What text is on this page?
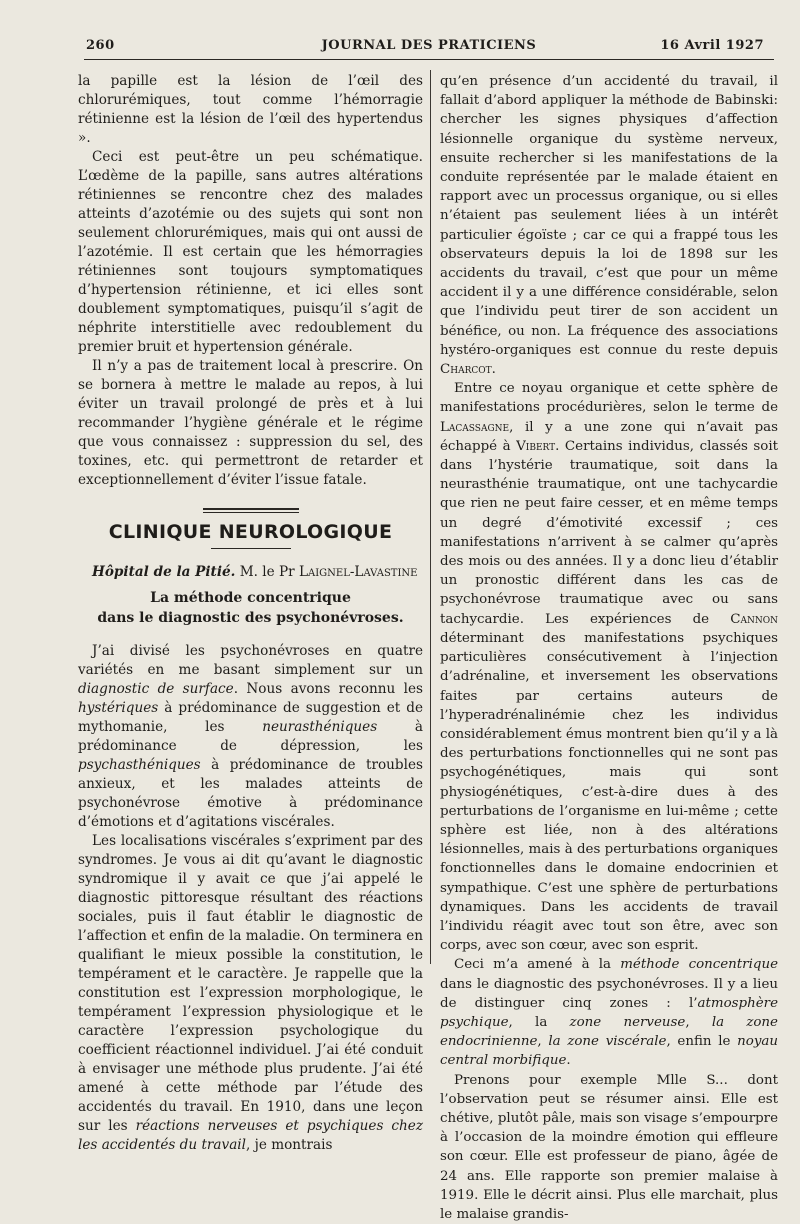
260	JOURNAL DES PRATICIENS	16 Avril 1927

la papille est la lésion de l’œil des chlorurémiques, tout comme l’hémorragie rétinienne est la lésion de l’œil des hypertendus ».

Ceci est peut-être un peu schématique. L’œdème de la papille, sans autres altérations rétiniennes se rencontre chez des malades atteints d’azotémie ou des sujets qui sont non seulement chlorurémiques, mais qui ont aussi de l’azotémie. Il est certain que les hémorragies rétiniennes sont toujours symptomatiques d’hypertension rétinienne, et ici elles sont doublement symptomatiques, puisqu’il s’agit de néphrite interstitielle avec redoublement du premier bruit et hypertension générale.

Il n’y a pas de traitement local à prescrire. On se bornera à mettre le malade au repos, à lui éviter un travail prolongé de près et à lui recommander l’hygiène générale et le régime que vous connaissez : suppression du sel, des toxines, etc. qui permettront de retarder et exceptionnellement d’éviter l’issue fatale.

CLINIQUE NEUROLOGIQUE

Hôpital de la Pitié. M. le Pr Laignel-Lavastine

La méthode concentrique
dans le diagnostic des psychonévroses.

J’ai divisé les psychonévroses en quatre variétés en me basant simplement sur un diagnostic de surface. Nous avons reconnu les hystériques à prédominance de suggestion et de mythomanie, les neurasthéniques à prédominance de dépression, les psychasthéniques à prédominance de troubles anxieux, et les malades atteints de psychonévrose émotive à prédominance d’émotions et d’agitations viscérales.

Les localisations viscérales s’expriment par des syndromes. Je vous ai dit qu’avant le diagnostic syndromique il y avait ce que j’ai appelé le diagnostic pittoresque résultant des réactions sociales, puis il faut établir le diagnostic de l’affection et enfin de la maladie. On terminera en qualifiant le mieux possible la constitution, le tempérament et le caractère. Je rappelle que la constitution est l’expression morphologique, le tempérament l’expression physiologique et le caractère l’expression psychologique du coefficient réactionnel individuel. J’ai été conduit à envisager une méthode plus prudente. J’ai été amené à cette méthode par l’étude des accidentés du travail. En 1910, dans une leçon sur les réactions nerveuses et psychiques chez les accidentés du travail, je montrais

qu’en présence d’un accidenté du travail, il fallait d’abord appliquer la méthode de Babinski: chercher les signes physiques d’affection lésionnelle organique du système nerveux, ensuite rechercher si les manifestations de la conduite représentée par le malade étaient en rapport avec un processus organique, ou si elles n’étaient pas seulement liées à un intérêt particulier égoïste ; car ce qui a frappé tous les observateurs depuis la loi de 1898 sur les accidents du travail, c’est que pour un même accident il y a une différence considérable, selon que l’individu peut tirer de son accident un bénéfice, ou non. La fréquence des associations hystéro-organiques est connue du reste depuis Charcot.

Entre ce noyau organique et cette sphère de manifestations procédurières, selon le terme de Lacassagne, il y a une zone qui n’avait pas échappé à Vibert. Certains individus, classés soit dans l’hystérie traumatique, soit dans la neurasthénie traumatique, ont une tachycardie que rien ne peut faire cesser, et en même temps un degré d’émotivité excessif ; ces manifestations n’arrivent à se calmer qu’après des mois ou des années. Il y a donc lieu d’établir un pronostic différent dans les cas de psychonévrose traumatique avec ou sans tachycardie. Les expériences de Cannon déterminant des manifestations psychiques particulières consécutivement à l’injection d’adrénaline, et inversement les observations faites par certains auteurs de l’hyperadrénalinémie chez les individus considérablement émus montrent bien qu’il y a là des perturbations fonctionnelles qui ne sont pas psychogénétiques, mais qui sont physiogénétiques, c’est-à-dire dues à des perturbations de l’organisme en lui-même ; cette sphère est liée, non à des altérations lésionnelles, mais à des perturbations organiques fonctionnelles dans le domaine endocrinien et sympathique. C’est une sphère de perturbations dynamiques. Dans les accidents de travail l’individu réagit avec tout son être, avec son corps, avec son cœur, avec son esprit.

Ceci m’a amené à la méthode concentrique dans le diagnostic des psychonévroses. Il y a lieu de distinguer cinq zones : l’atmosphère psychique, la zone nerveuse, la zone endocrinienne, la zone viscérale, enfin le noyau central morbifique.

Prenons pour exemple Mlle S... dont l’observation peut se résumer ainsi. Elle est chétive, plutôt pâle, mais son visage s’empourpre à l’occasion de la moindre émotion qui effleure son cœur. Elle est professeur de piano, âgée de 24 ans. Elle rapporte son premier malaise à 1919. Elle le décrit ainsi. Plus elle marchait, plus le malaise grandis-
